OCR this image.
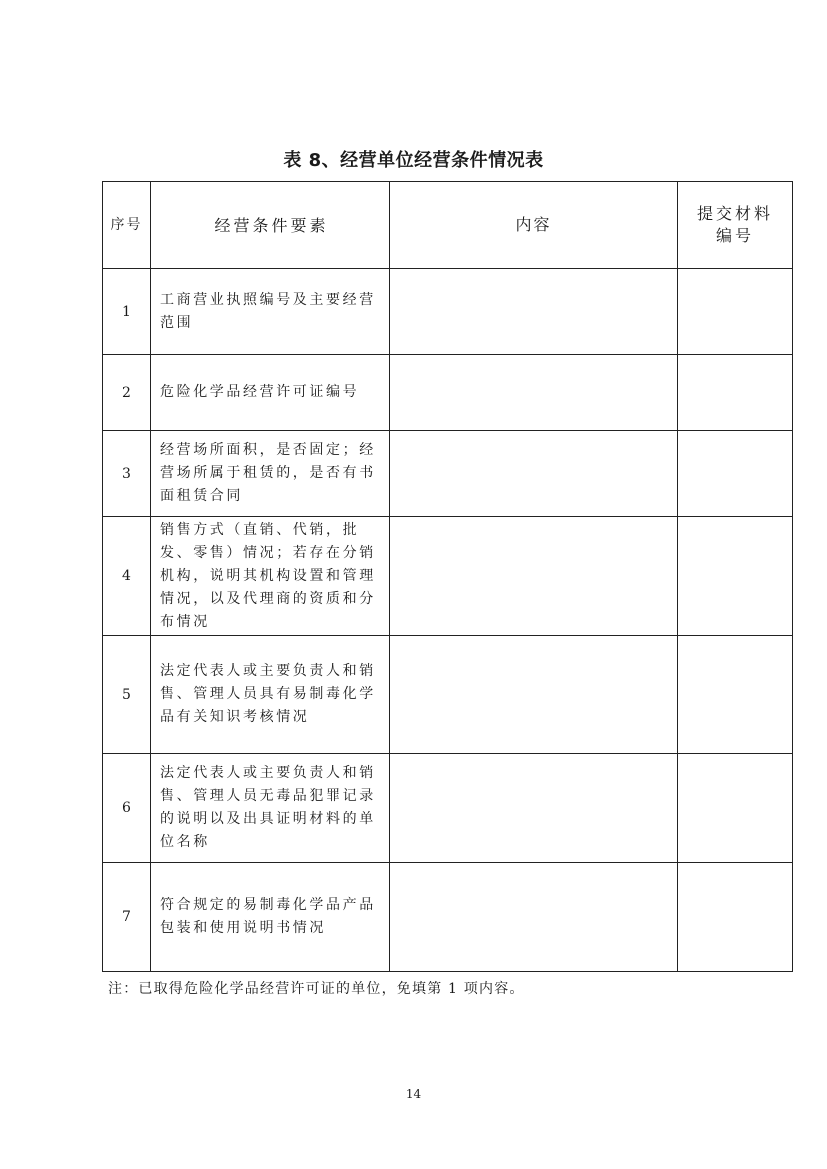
表 8、经营单位经营条件情况表
序号	经营条件要素	内容	提交材料编号
1	工商营业执照编号及主要经营范围		
2	危险化学品经营许可证编号		
3	经营场所面积，是否固定；经营场所属于租赁的，是否有书面租赁合同		
4	销售方式（直销、代销，批发、零售）情况；若存在分销机构，说明其机构设置和管理情况，以及代理商的资质和分布情况		
5	法定代表人或主要负责人和销售、管理人员具有易制毒化学品有关知识考核情况		
6	法定代表人或主要负责人和销售、管理人员无毒品犯罪记录的说明以及出具证明材料的单位名称		
7	符合规定的易制毒化学品产品包装和使用说明书情况		
注：已取得危险化学品经营许可证的单位，免填第 1 项内容。
14
